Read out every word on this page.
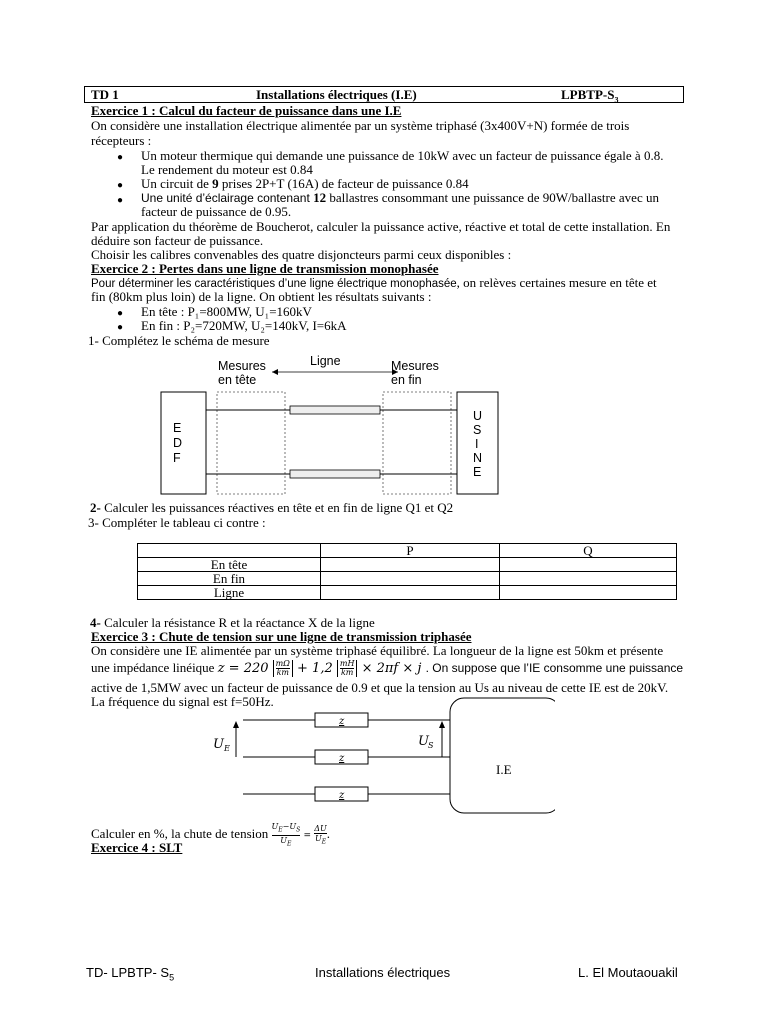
TD 1	Installations électriques (I.E)	LPBTP-$S_3$
Exercice 1 : Calcul du facteur de puissance dans une I.E
On considère une installation électrique alimentée par un système triphasé (3x400V+N) formée de trois
récepteurs :
● Un moteur thermique qui demande une puissance de 10kW avec un facteur de puissance égale à 0.8.
Le rendement du moteur est 0.84
● Un circuit de 9 prises 2P+T (16A) de facteur de puissance 0.84
● Une unité d’éclairage contenant 12 ballastres consommant une puissance de 90W/ballastre avec un
facteur de puissance de 0.95.
Par application du théorème de Boucherot, calculer la puissance active, réactive et total de cette installation. En
déduire son facteur de puissance.
Choisir les calibres convenables des quatre disjoncteurs parmi ceux disponibles :
Exercice 2 : Pertes dans une ligne de transmission monophasée
Pour déterminer les caractéristiques d’une ligne électrique monophasée, on relèves certaines mesure en tête et
fin (80km plus loin) de la ligne. On obtient les résultats suivants :
● En tête : P₁=800MW, U₁=160kV
● En fin : P₂=720MW, U₂=140kV, I=6kA
1- Complétez le schéma de mesure
Mesures
en tête
Ligne	Mesures
en fin
E
D
F
U
S
I
N
E
2- Calculer les puissances réactives en tête et en fin de ligne Q1 et Q2
3- Compléter le tableau ci contre :
	P	Q
En tête		
En fin		
Ligne		
4- Calculer la résistance R et la réactance X de la ligne
Exercice 3 : Chute de tension sur une ligne de transmission triphasée
On considère une IE alimentée par un système triphasé équilibré. La longueur de la ligne est 50km et présente
une impédance linéique $z = 220 \frac{m\Omega}{km} + 1,2 \frac{mH}{km} \times 2\pi f \times j$ . On suppose que l’IE consomme une puissance
active de 1,5MW avec un facteur de puissance de 0.9 et que la tension au Us au niveau de cette IE est de 20kV.
La fréquence du signal est f=50Hz.
U E	U S
z
z
z
I.E
Calculer en %, la chute de tension $\frac{U_E-U_S}{U_E} = \frac{\Delta U}{U_E}$ .
Exercice 4 : SLT
TD- LPBTP- $S_5$	Installations électriques	L. El Moutaouakil
